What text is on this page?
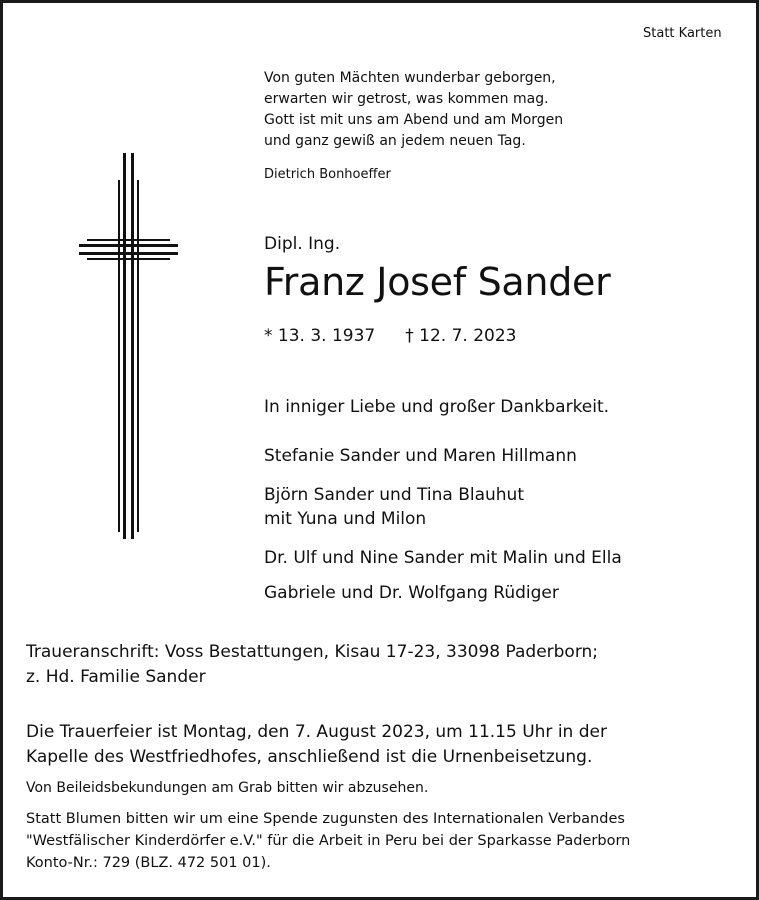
Statt Karten
Von guten Mächten wunderbar geborgen,
erwarten wir getrost, was kommen mag.
Gott ist mit uns am Abend und am Morgen
und ganz gewiß an jedem neuen Tag.
Dietrich Bonhoeffer
Dipl. Ing.
Franz Josef Sander
* 13. 3. 1937 † 12. 7. 2023
In inniger Liebe und großer Dankbarkeit.
Stefanie Sander und Maren Hillmann
Björn Sander und Tina Blauhut
mit Yuna und Milon
Dr. Ulf und Nine Sander mit Malin und Ella
Gabriele und Dr. Wolfgang Rüdiger
Traueranschrift: Voss Bestattungen, Kisau 17-23, 33098 Paderborn;
z. Hd. Familie Sander
Die Trauerfeier ist Montag, den 7. August 2023, um 11.15 Uhr in der
Kapelle des Westfriedhofes, anschließend ist die Urnenbeisetzung.
Von Beileidsbekundungen am Grab bitten wir abzusehen.
Statt Blumen bitten wir um eine Spende zugunsten des Internationalen Verbandes
"Westfälischer Kinderdörfer e.V." für die Arbeit in Peru bei der Sparkasse Paderborn
Konto-Nr.: 729 (BLZ. 472 501 01).
